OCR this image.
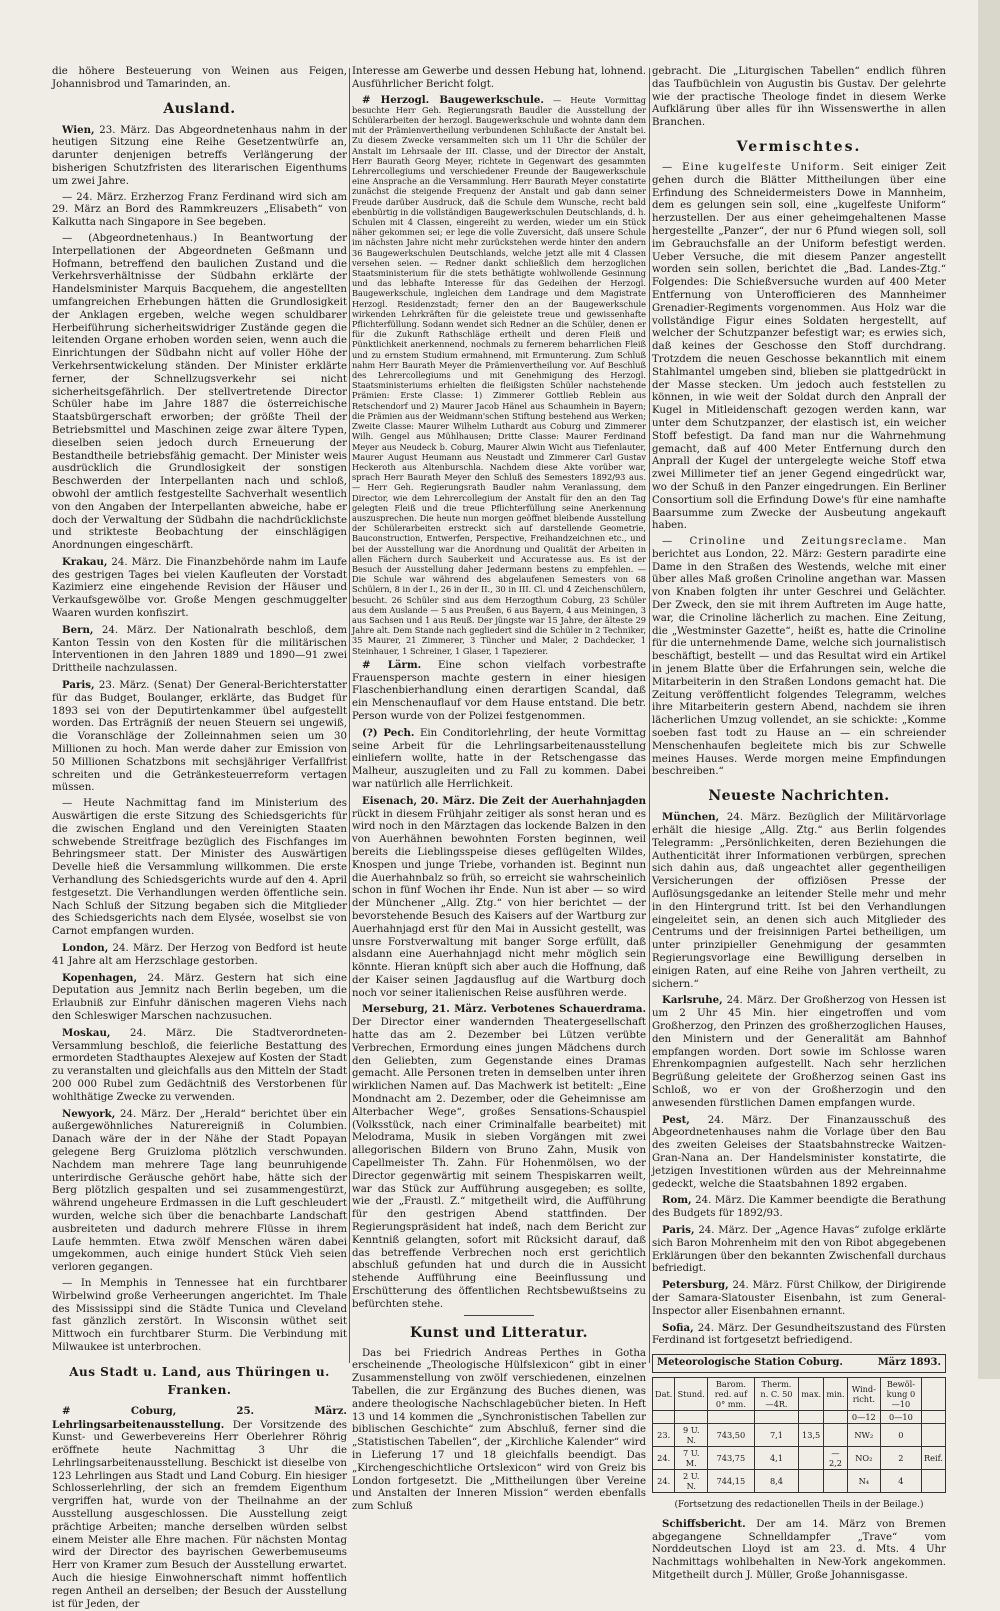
die höhere Besteuerung von Weinen aus Feigen, Johannisbrod und Tamarinden, an.

Ausland.

Wien, 23. März. Das Abgeordnetenhaus nahm in der heutigen Sitzung eine Reihe Gesetzentwürfe an, darunter denjenigen betreffs Verlängerung der bisherigen Schutzfristen des literarischen Eigenthums um zwei Jahre.

— 24. März. Erzherzog Franz Ferdinand wird sich am 29. März an Bord des Rammkreuzers „Elisabeth“ von Kalkutta nach Singapore in See begeben.

— (Abgeordnetenhaus.) In Beantwortung der Interpellationen der Abgeordneten Geßmann und Hofmann, betreffend den baulichen Zustand und die Verkehrsverhältnisse der Südbahn erklärte der Handelsminister Marquis Bacquehem, die angestellten umfangreichen Erhebungen hätten die Grundlosigkeit der Anklagen ergeben, welche wegen schuldbarer Herbeiführung sicherheitswidriger Zustände gegen die leitenden Organe erhoben worden seien, wenn auch die Einrichtungen der Südbahn nicht auf voller Höhe der Verkehrsentwickelung ständen. Der Minister erklärte ferner, der Schnellzugsverkehr sei nicht sicherheitsgefährlich. Der stellvertretende Director Schüler habe im Jahre 1887 die österreichische Staatsbürgerschaft erworben; der größte Theil der Betriebsmittel und Maschinen zeige zwar ältere Typen, dieselben seien jedoch durch Erneuerung der Bestandtheile betriebsfähig gemacht. Der Minister weis ausdrücklich die Grundlosigkeit der sonstigen Beschwerden der Interpellanten nach und schloß, obwohl der amtlich festgestellte Sachverhalt wesentlich von den Angaben der Interpellanten abweiche, habe er doch der Verwaltung der Südbahn die nachdrücklichste und strikteste Beobachtung der einschlägigen Anordnungen eingeschärft.

Krakau, 24. März. Die Finanzbehörde nahm im Laufe des gestrigen Tages bei vielen Kaufleuten der Vorstadt Kazimierz eine eingehende Revision der Häuser und Verkaufsgewölbe vor. Große Mengen geschmuggelter Waaren wurden konfiszirt.

Bern, 24. März. Der Nationalrath beschloß, dem Kanton Tessin von den Kosten für die militärischen Interventionen in den Jahren 1889 und 1890—91 zwei Drittheile nachzulassen.

Paris, 23. März. (Senat) Der General-Berichterstatter für das Budget, Boulanger, erklärte, das Budget für 1893 sei von der Deputirtenkammer übel aufgestellt worden. Das Erträgniß der neuen Steuern sei ungewiß, die Voranschläge der Zolleinnahmen seien um 30 Millionen zu hoch. Man werde daher zur Emission von 50 Millionen Schatzbons mit sechsjähriger Verfallfrist schreiten und die Getränkesteuerreform vertagen müssen.

— Heute Nachmittag fand im Ministerium des Auswärtigen die erste Sitzung des Schiedsgerichts für die zwischen England und den Vereinigten Staaten schwebende Streitfrage bezüglich des Fischfanges im Behringsmeer statt. Der Minister des Auswärtigen Develle hieß die Versammlung willkommen. Die erste Verhandlung des Schiedsgerichts wurde auf den 4. April festgesetzt. Die Verhandlungen werden öffentliche sein. Nach Schluß der Sitzung begaben sich die Mitglieder des Schiedsgerichts nach dem Elysée, woselbst sie von Carnot empfangen wurden.

London, 24. März. Der Herzog von Bedford ist heute 41 Jahre alt am Herzschlage gestorben.

Kopenhagen, 24. März. Gestern hat sich eine Deputation aus Jemnitz nach Berlin begeben, um die Erlaubniß zur Einfuhr dänischen mageren Viehs nach den Schleswiger Marschen nachzusuchen.

Moskau, 24. März. Die Stadtverordneten-Versammlung beschloß, die feierliche Bestattung des ermordeten Stadthauptes Alexejew auf Kosten der Stadt zu veranstalten und gleichfalls aus den Mitteln der Stadt 200 000 Rubel zum Gedächtniß des Verstorbenen für wohlthätige Zwecke zu verwenden.

Newyork, 24. März. Der „Herald“ berichtet über ein außergewöhnliches Naturereigniß in Columbien. Danach wäre der in der Nähe der Stadt Popayan gelegene Berg Gruizloma plötzlich verschwunden. Nachdem man mehrere Tage lang beunruhigende unterirdische Geräusche gehört habe, hätte sich der Berg plötzlich gespalten und sei zusammengestürzt, während ungeheure Erdmassen in die Luft geschleudert wurden, welche sich über die benachbarte Landschaft ausbreiteten und dadurch mehrere Flüsse in ihrem Laufe hemmten. Etwa zwölf Menschen wären dabei umgekommen, auch einige hundert Stück Vieh seien verloren gegangen.

— In Memphis in Tennessee hat ein furchtbarer Wirbelwind große Verheerungen angerichtet. Im Thale des Mississippi sind die Städte Tunica und Cleveland fast gänzlich zerstört. In Wisconsin wüthet seit Mittwoch ein furchtbarer Sturm. Die Verbindung mit Milwaukee ist unterbrochen.

Aus Stadt u. Land, aus Thüringen u. Franken.

# Coburg,	25. März. Lehrlingsarbeitenausstellung. Der Vorsitzende des Kunst- und Gewerbevereins Herr Oberlehrer Röhrig eröffnete heute Nachmittag 3 Uhr die Lehrlingsarbeitenausstellung. Beschickt ist dieselbe von 123 Lehrlingen aus Stadt und Land Coburg. Ein hiesiger Schlosserlehrling, der sich an fremdem Eigenthum vergriffen hat, wurde von der Theilnahme an der Ausstellung ausgeschlossen. Die Ausstellung zeigt prächtige Arbeiten; manche derselben würden selbst einem Meister alle Ehre machen. Für nächsten Montag wird der Director des bayrischen Gewerbemuseums Herr von Kramer zum Besuch der Ausstellung erwartet. Auch die hiesige Einwohnerschaft nimmt hoffentlich regen Antheil an derselben; der Besuch der Ausstellung ist für Jeden, der

Interesse am Gewerbe und dessen Hebung hat, lohnend. Ausführlicher Bericht folgt.

# Herzogl. Baugewerkschule. — Heute Vormittag besuchte Herr Geh. Regierungsrath Baudler die Ausstellung der Schülerarbeiten der herzogl. Baugewerkschule und wohnte dann dem mit der Prämienvertheilung verbundenen Schlußacte der Anstalt bei. Zu diesem Zwecke versammelten sich um 11 Uhr die Schüler der Anstalt im Lehrsaale der III. Classe, und der Director der Anstalt, Herr Baurath Georg Meyer, richtete in Gegenwart des gesammten Lehrercollegiums und verschiedener Freunde der Baugewerkschule eine Ansprache an die Versammlung. Herr Baurath Meyer constatirte zunächst die steigende Frequenz der Anstalt und gab dann seiner Freude darüber Ausdruck, daß die Schule dem Wunsche, recht bald ebenbürtig in die vollständigen Baugewerkschulen Deutschlands, d. h. Schulen mit 4 Classen, eingereiht zu werden, wieder um ein Stück näher gekommen sei; er lege die volle Zuversicht, daß unsere Schule im nächsten Jahre nicht mehr zurückstehen werde hinter den andern 36 Baugewerkschulen Deutschlands, welche jetzt alle mit 4 Classen versehen seien. — Redner dankt schließlich dem herzoglichen Staatsministerium für die stets bethätigte wohlwollende Gesinnung und das lebhafte Interesse für das Gedeihen der Herzogl. Baugewerkschule, ingleichen dem Landrage und dem Magistrate Herzogl. Residenzstadt; ferner den an der Baugewerkschule wirkenden Lehrkräften für die geleistete treue und gewissenhafte Pflichterfüllung. Sodann wendet sich Redner an die Schüler, denen er für die Zukunft Rathschläge ertheilt und deren Fleiß und Pünktlichkeit anerkennend, nochmals zu fernerem beharrlichen Fleiß und zu ernstem Studium ermahnend, mit Ermunterung. Zum Schluß nahm Herr Baurath Meyer die Prämienvertheilung vor. Auf Beschluß des Lehrercollegiums und mit Genehmigung des Herzogl. Staatsministeriums erhielten die fleißigsten Schüler nachstehende Prämien: Erste Classe: 1) Zimmerer Gottlieb Reblein aus Retschendorf und 2) Maurer Jacob Hänel aus Schaumhein in Bayern; die Prämien aus der Weidmann'schen Stiftung bestehend aus Werken; Zweite Classe: Maurer Wilhelm Luthardt aus Coburg und Zimmerer Wilh. Gengel aus Mühlhausen; Dritte Classe: Maurer Ferdinand Meyer aus Neudeck b. Coburg, Maurer Alwin Wicht aus Tiefenlauter, Maurer August Heumann aus Neustadt und Zimmerer Carl Gustav Heckeroth aus Altenburschla. Nachdem diese Akte vorüber war, sprach Herr Baurath Meyer den Schluß des Semesters 1892/93 aus. — Herr Geh. Regierungsrath Baudler nahm Veranlassung, dem Director, wie dem Lehrercollegium der Anstalt für den an den Tag gelegten Fleiß und die treue Pflichterfüllung seine Anerkennung auszusprechen. Die heute nun morgen geöffnet bleibende Ausstellung der Schülerarbeiten erstreckt sich auf darstellende Geometrie, Bauconstruction, Entwerfen, Perspective, Freihandzeichnen etc., und bei der Ausstellung war die Anordnung und Qualität der Arbeiten in allen Fächern durch Sauberkeit und Accuratesse aus. Es ist der Besuch der Ausstellung daher Jedermann bestens zu empfehlen. — Die Schule war während des abgelaufenen Semesters von 68 Schülern, 8 in der I., 26 in der II., 30 in III. Cl. und 4 Zeichenschülern, besucht. 26 Schüler sind aus dem Herzogthum Coburg, 23 Schüler aus dem Auslande — 5 aus Preußen, 6 aus Bayern, 4 aus Meiningen, 3 aus Sachsen und 1 aus Reuß. Der jüngste war 15 Jahre, der älteste 29 Jahre alt. Dem Stande nach gegliedert sind die Schüler in 2 Techniker, 35 Maurer, 21 Zimmerer, 3 Tüncher und Maler, 2 Dachdecker, 1 Steinhauer, 1 Schreiner, 1 Glaser, 1 Tapezierer.

# Lärm. Eine schon vielfach vorbestrafte Frauensperson machte gestern in einer hiesigen Flaschenbierhandlung einen derartigen Scandal, daß ein Menschenauflauf vor dem Hause entstand. Die betr. Person wurde von der Polizei festgenommen.

(?) Pech. Ein Conditorlehrling, der heute Vormittag seine Arbeit für die Lehrlingsarbeitenausstellung einliefern wollte, hatte in der Retschengasse das Malheur, auszugleiten und zu Fall zu kommen. Dabei war natürlich alle Herrlichkeit.

Eisenach, 20. März. Die Zeit der Auerhahnjagden rückt in diesem Frühjahr zeitiger als sonst heran und es wird noch in den Märztagen das lockende Balzen in den von Auerhähnen bewohnten Forsten beginnen, weil bereits die Lieblingsspeise dieses geflügelten Wildes, Knospen und junge Triebe, vorhanden ist. Beginnt nun die Auerhahnbalz so früh, so erreicht sie wahrscheinlich schon in fünf Wochen ihr Ende. Nun ist aber — so wird der Münchener „Allg. Ztg.“ von hier berichtet — der bevorstehende Besuch des Kaisers auf der Wartburg zur Auerhahnjagd erst für den Mai in Aussicht gestellt, was unsre Forstverwaltung mit banger Sorge erfüllt, daß alsdann eine Auerhahnjagd nicht mehr möglich sein könnte. Hieran knüpft sich aber auch die Hoffnung, daß der Kaiser seinen Jagdausflug auf die Wartburg doch noch vor seiner italienischen Reise ausführen werde.

Merseburg, 21. März. Verbotenes Schauerdrama. Der Director einer wandernden Theatergesellschaft hatte das am 2. Dezember bei Lützen verübte Verbrechen, Ermordung eines jungen Mädchens durch den Geliebten, zum Gegenstande eines Dramas gemacht. Alle Personen treten in demselben unter ihren wirklichen Namen auf. Das Machwerk ist betitelt: „Eine Mondnacht am 2. Dezember, oder die Geheimnisse am Alterbacher Wege“, großes Sensations-Schauspiel (Volksstück, nach einer Criminalfalle bearbeitet) mit Melodrama, Musik in sieben Vorgängen mit zwei allegorischen Bildern von Bruno Zahn, Musik von Capellmeister Th. Zahn. Für Hohenmölsen, wo der Director gegenwärtig mit seinem Thespiskarren weilt, war das Stück zur Aufführung ausgegeben; es sollte, wie der „Fraustl. Z.“ mitgetheilt wird, die Aufführung für den gestrigen Abend stattfinden. Der Regierungspräsident hat indeß, nach dem Bericht zur Kenntniß gelangten, sofort mit Rücksicht darauf, daß das betreffende Verbrechen noch erst gerichtlich abschluß gefunden hat und durch die in Aussicht stehende Aufführung eine Beeinflussung und Erschütterung des öffentlichen Rechtsbewußtseins zu befürchten stehe.

Kunst und Litteratur.

Das bei Friedrich Andreas Perthes in Gotha erscheinende „Theologische Hülfslexicon“ gibt in einer Zusammenstellung von zwölf verschiedenen, einzelnen Tabellen, die zur Ergänzung des Buches dienen, was andere theologische Nachschlagebücher bieten. In Heft 13 und 14 kommen die „Synchronistischen Tabellen zur biblischen Geschichte“ zum Abschluß, ferner sind die „Statistischen Tabellen“, der „Kirchliche Kalender“ wird in Lieferung 17 und 18 gleichfalls beendigt. Das „Kirchengeschichtliche Ortslexicon“ wird von Greiz bis London fortgesetzt. Die „Mittheilungen über Vereine und Anstalten der Inneren Mission“ werden ebenfalls zum Schluß

gebracht. Die „Liturgischen Tabellen“ endlich führen das Taufbüchlein von Augustin bis Gustav. Der gelehrte wie der practische Theologe findet in diesem Werke Aufklärung über alles für ihn Wissenswerthe in allen Branchen.

Vermischtes.

— Eine kugelfeste Uniform. Seit einiger Zeit gehen durch die Blätter Mittheilungen über eine Erfindung des Schneidermeisters Dowe in Mannheim, dem es gelungen sein soll, eine „kugelfeste Uniform“ herzustellen. Der aus einer geheimgehaltenen Masse hergestellte „Panzer“, der nur 6 Pfund wiegen soll, soll im Gebrauchsfalle an der Uniform befestigt werden. Ueber Versuche, die mit diesem Panzer angestellt worden sein sollen, berichtet die „Bad. Landes-Ztg.“ Folgendes: Die Schießversuche wurden auf 400 Meter Entfernung von Unterofficieren des Mannheimer Grenadier-Regiments vorgenommen. Aus Holz war die vollständige Figur eines Soldaten hergestellt, auf welcher der Schutzpanzer befestigt war; es erwies sich, daß keines der Geschosse den Stoff durchdrang. Trotzdem die neuen Geschosse bekanntlich mit einem Stahlmantel umgeben sind, blieben sie plattgedrückt in der Masse stecken. Um jedoch auch feststellen zu können, in wie weit der Soldat durch den Anprall der Kugel in Mitleidenschaft gezogen werden kann, war unter dem Schutzpanzer, der elastisch ist, ein weicher Stoff befestigt. Da fand man nur die Wahrnehmung gemacht, daß auf 400 Meter Entfernung durch den Anprall der Kugel der untergelegte weiche Stoff etwa zwei Millimeter tief an jener Gegend eingedrückt war, wo der Schuß in den Panzer eingedrungen. Ein Berliner Consortium soll die Erfindung Dowe's für eine namhafte Baarsumme zum Zwecke der Ausbeutung angekauft haben.

— Crinoline und Zeitungsreclame. Man berichtet aus London, 22. März: Gestern paradirte eine Dame in den Straßen des Westends, welche mit einer über alles Maß großen Crinoline angethan war. Massen von Knaben folgten ihr unter Geschrei und Gelächter. Der Zweck, den sie mit ihrem Auftreten im Auge hatte, war, die Crinoline lächerlich zu machen. Eine Zeitung, die „Westminster Gazette“, heißt es, hatte die Crinoline für die unternehmende Dame, welche sich journalistisch beschäftigt, bestellt — und das Resultat wird ein Artikel in jenem Blatte über die Erfahrungen sein, welche die Mitarbeiterin in den Straßen Londons gemacht hat. Die Zeitung veröffentlicht folgendes Telegramm, welches ihre Mitarbeiterin gestern Abend, nachdem sie ihren lächerlichen Umzug vollendet, an sie schickte: „Komme soeben fast todt zu Hause an — ein schreiender Menschenhaufen begleitete mich bis zur Schwelle meines Hauses. Werde morgen meine Empfindungen beschreiben.“

Neueste Nachrichten.

München, 24. März. Bezüglich der Militärvorlage erhält die hiesige „Allg. Ztg.“ aus Berlin folgendes Telegramm: „Persönlichkeiten, deren Beziehungen die Authenticität ihrer Informationen verbürgen, sprechen sich dahin aus, daß ungeachtet aller gegentheiligen Versicherungen der offiziösen Presse der Auflösungsgedanke an leitender Stelle mehr und mehr in den Hintergrund tritt. Ist bei den Verhandlungen eingeleitet sein, an denen sich auch Mitglieder des Centrums und der freisinnigen Partei betheiligen, um unter prinzipieller Genehmigung der gesammten Regierungsvorlage eine Bewilligung derselben in einigen Raten, auf eine Reihe von Jahren vertheilt, zu sichern.“

Karlsruhe, 24. März. Der Großherzog von Hessen ist um 2 Uhr 45 Min. hier eingetroffen und vom Großherzog, den Prinzen des großherzoglichen Hauses, den Ministern und der Generalität am Bahnhof empfangen worden. Dort sowie im Schlosse waren Ehrenkompagnien aufgestellt. Nach sehr herzlichen Begrüßung geleitete der Großherzog seinen Gast ins Schloß, wo er von der Großherzogin und den anwesenden fürstlichen Damen empfangen wurde.

Pest, 24. März. Der Finanzausschuß des Abgeordnetenhauses nahm die Vorlage über den Bau des zweiten Geleises der Staatsbahnstrecke Waitzen-Gran-Nana an. Der Handelsminister konstatirte, die jetzigen Investitionen würden aus der Mehreinnahme gedeckt, welche die Staatsbahnen 1892 ergaben.

Rom, 24. März. Die Kammer beendigte die Berathung des Budgets für 1892/93.

Paris, 24. März. Der „Agence Havas“ zufolge erklärte sich Baron Mohrenheim mit den von Ribot abgegebenen Erklärungen über den bekannten Zwischenfall durchaus befriedigt.

Petersburg, 24. März. Fürst Chilkow, der Dirigirende der Samara-Slatouster Eisenbahn, ist zum General-Inspector aller Eisenbahnen ernannt.

Sofia, 24. März. Der Gesundheitszustand des Fürsten Ferdinand ist fortgesetzt befriedigend.

Meteorologische Station Coburg.	März 1893.
Dat.	Stund.	Barom. red. auf 0° mm.	Therm. n. C. 50—4R.	max.	min.	Wind-richt.	Bewöl-kung 0—10	
						0—12	0—10	
23.	9 U. N.	743,50	7,1	13,5		NW₂	0	
24.	7 U. M.	743,75	4,1		—2,2	NO₂	2	Reif.
24.	2 U. N.	744,15	8,4			N₄	4	
(Fortsetzung des redactionellen Theils in der Beilage.)

Schiffsbericht. Der am 14. März von Bremen abgegangene Schnelldampfer „Trave“ vom Norddeutschen Lloyd ist am 23. d. Mts. 4 Uhr Nachmittags wohlbehalten in New-York angekommen. Mitgetheilt durch J. Müller, Große Johannisgasse.
